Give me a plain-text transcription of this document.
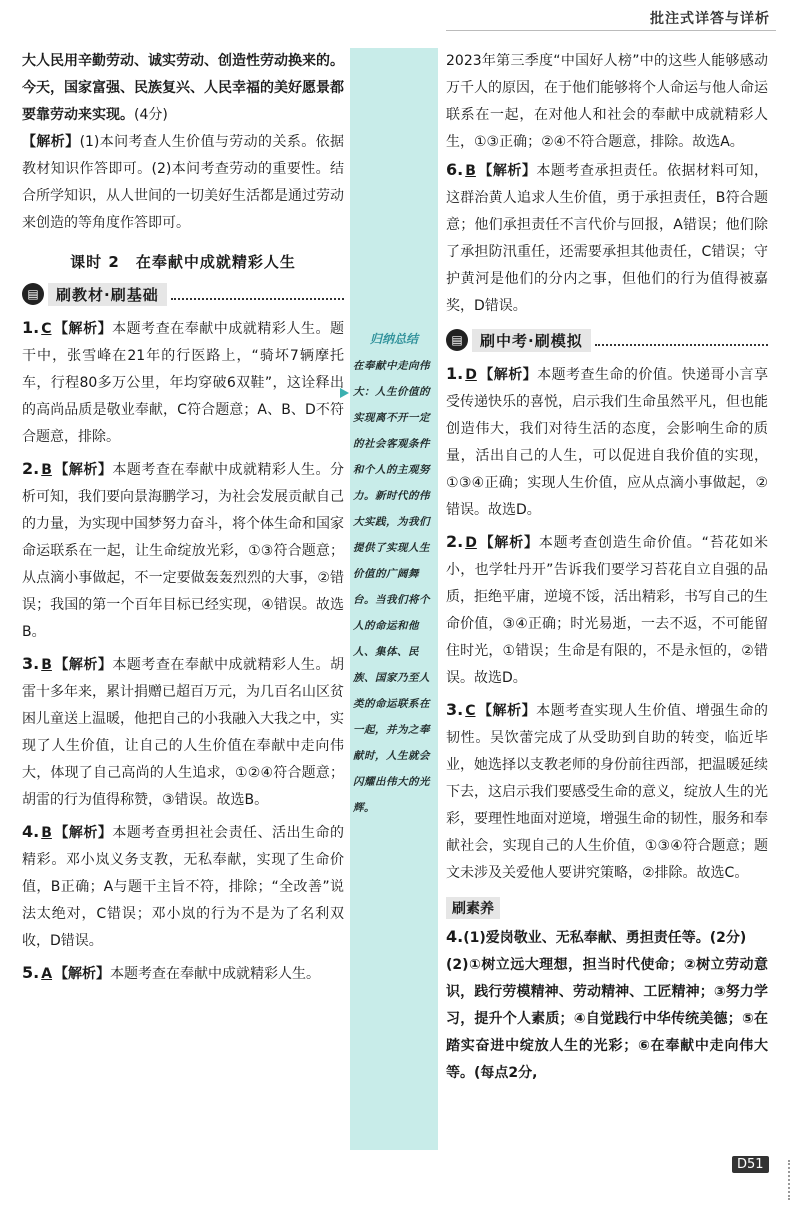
批注式详答与详析

大人民用辛勤劳动、诚实劳动、创造性劳动换来的。今天，国家富强、民族复兴、人民幸福的美好愿景都要靠劳动来实现。(4分)

【解析】(1)本问考查人生价值与劳动的关系。依据教材知识作答即可。(2)本问考查劳动的重要性。结合所学知识，从人世间的一切美好生活都是通过劳动来创造的等角度作答即可。

课时 2　在奉献中成就精彩人生
▤	刷教材·刷基础

1. C 【解析】本题考查在奉献中成就精彩人生。题干中，张雪峰在21年的行医路上，“骑坏7辆摩托车，行程80多万公里，年均穿破6双鞋”，这诠释出的高尚品质是敬业奉献，C符合题意；A、B、D不符合题意，排除。

2. B 【解析】本题考查在奉献中成就精彩人生。分析可知，我们要向景海鹏学习，为社会发展贡献自己的力量，为实现中国梦努力奋斗，将个体生命和国家命运联系在一起，让生命绽放光彩，①③符合题意；从点滴小事做起，不一定要做轰轰烈烈的大事，②错误；我国的第一个百年目标已经实现，④错误。故选B。

3. B 【解析】本题考查在奉献中成就精彩人生。胡雷十多年来，累计捐赠已超百万元，为几百名山区贫困儿童送上温暖，他把自己的小我融入大我之中，实现了人生价值，让自己的人生价值在奉献中走向伟大，体现了自己高尚的人生追求，①②④符合题意；胡雷的行为值得称赞，③错误。故选B。

4. B 【解析】本题考查勇担社会责任、活出生命的精彩。邓小岚义务支教，无私奉献，实现了生命价值，B正确；A与题干主旨不符，排除；“全改善”说法太绝对，C错误；邓小岚的行为不是为了名利双收，D错误。

5. A 【解析】本题考查在奉献中成就精彩人生。

归纳总结
在奉献中走向伟大：人生价值的实现离不开一定的社会客观条件和个人的主观努力。新时代的伟大实践，为我们提供了实现人生价值的广阔舞台。当我们将个人的命运和他人、集体、民族、国家乃至人类的命运联系在一起，并为之奉献时，人生就会闪耀出伟大的光辉。

2023年第三季度“中国好人榜”中的这些人能够感动万千人的原因，在于他们能够将个人命运与他人命运联系在一起，在对他人和社会的奉献中成就精彩人生，①③正确；②④不符合题意，排除。故选A。

6. B 【解析】本题考查承担责任。依据材料可知，这群治黄人追求人生价值，勇于承担责任，B符合题意；他们承担责任不言代价与回报，A错误；他们除了承担防汛重任，还需要承担其他责任，C错误；守护黄河是他们的分内之事，但他们的行为值得被嘉奖，D错误。

▤	刷中考·刷模拟

1. D 【解析】本题考查生命的价值。快递哥小言享受传递快乐的喜悦，启示我们生命虽然平凡，但也能创造伟大，我们对待生活的态度，会影响生命的质量，活出自己的人生，可以促进自我价值的实现，①③④正确；实现人生价值，应从点滴小事做起，②错误。故选D。

2. D 【解析】本题考查创造生命价值。“苔花如米小，也学牡丹开”告诉我们要学习苔花自立自强的品质，拒绝平庸，逆境不馁，活出精彩，书写自己的生命价值，③④正确；时光易逝，一去不返，不可能留住时光，①错误；生命是有限的，不是永恒的，②错误。故选D。

3. C 【解析】本题考查实现人生价值、增强生命的韧性。吴饮蕾完成了从受助到自助的转变，临近毕业，她选择以支教老师的身份前往西部，把温暖延续下去，这启示我们要感受生命的意义，绽放人生的光彩，要理性地面对逆境，增强生命的韧性，服务和奉献社会，实现自己的人生价值，①③④符合题意；题文未涉及关爱他人要讲究策略，②排除。故选C。

刷素养

4.(1)爱岗敬业、无私奉献、勇担责任等。(2分)

(2)①树立远大理想，担当时代使命；②树立劳动意识，践行劳模精神、劳动精神、工匠精神；③努力学习，提升个人素质；④自觉践行中华传统美德；⑤在踏实奋进中绽放人生的光彩；⑥在奉献中走向伟大等。(每点2分,

D51
